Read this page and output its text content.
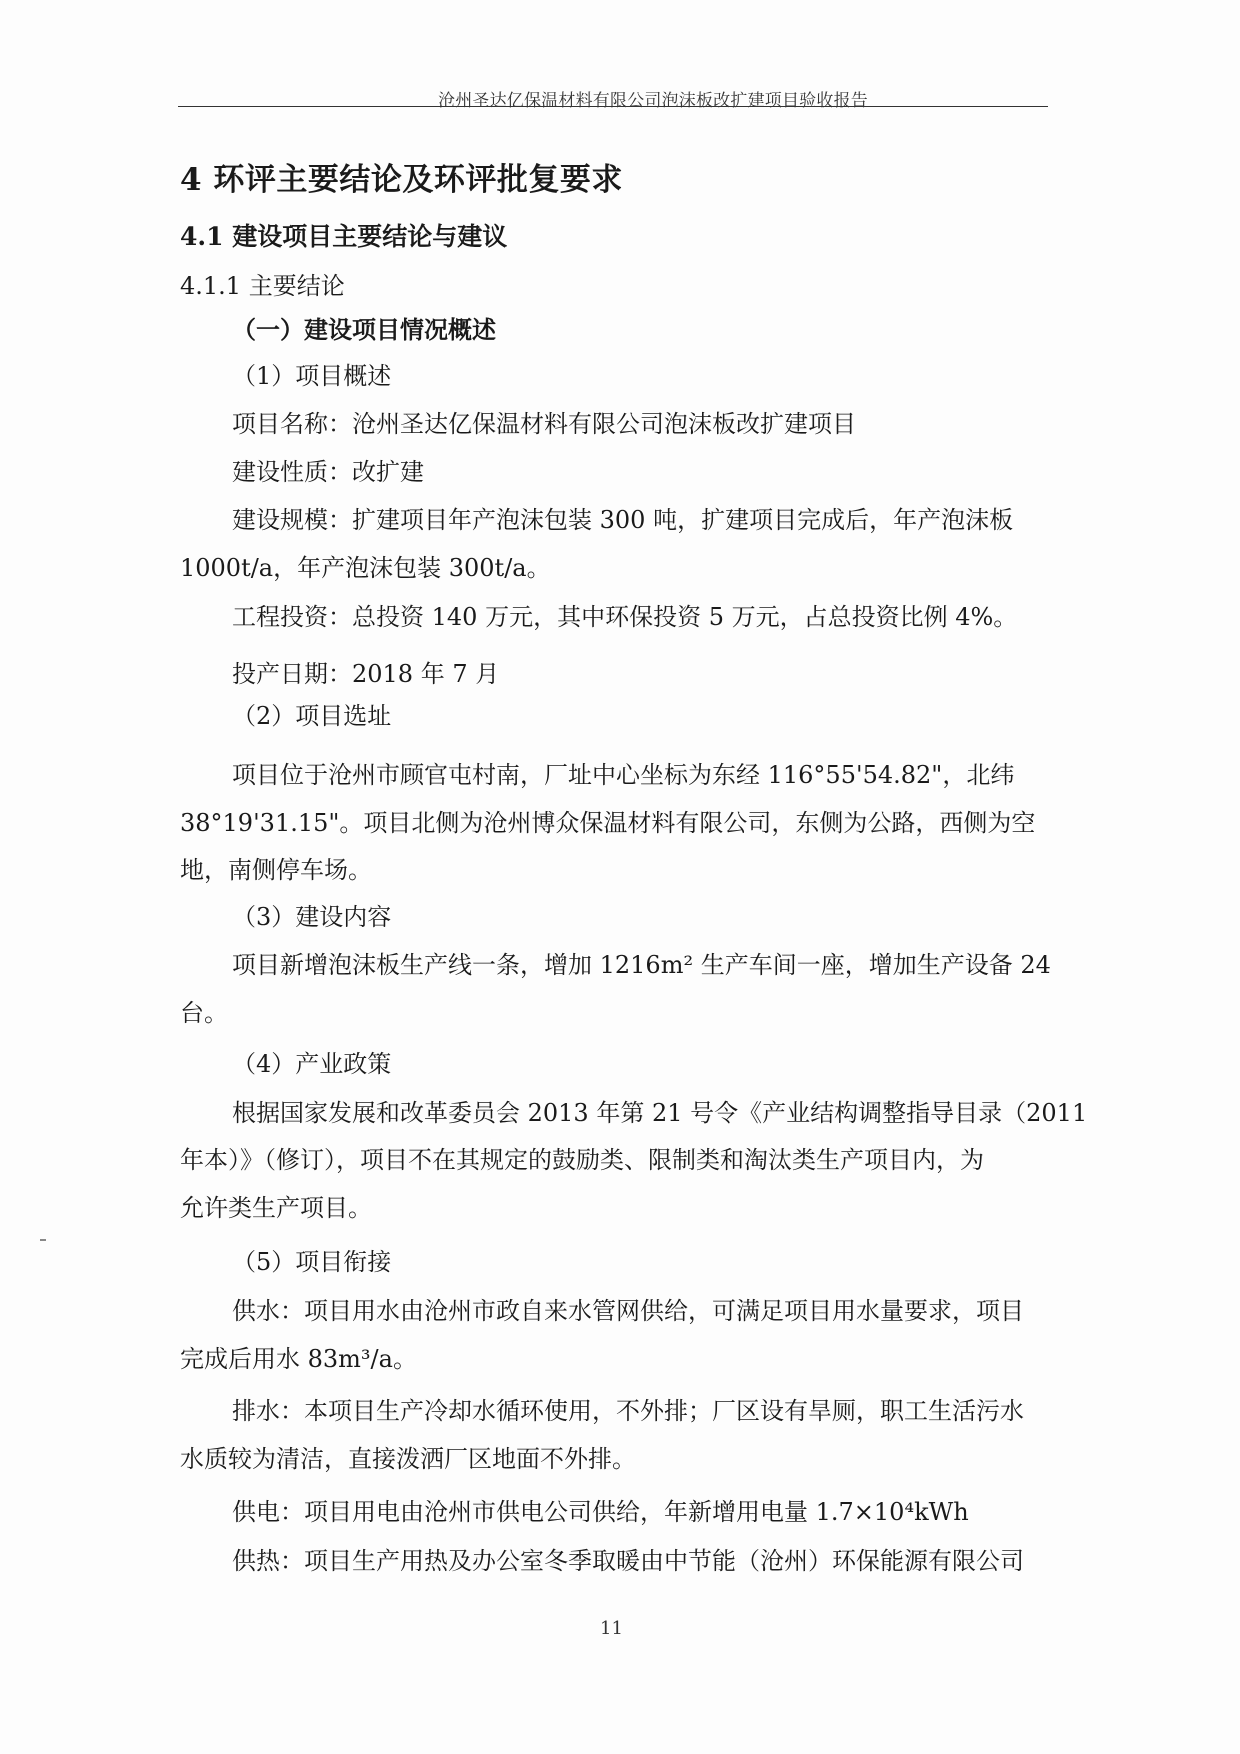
沧州圣达亿保温材料有限公司泡沫板改扩建项目验收报告
4 环评主要结论及环评批复要求
4.1 建设项目主要结论与建议
4.1.1 主要结论
（一）建设项目情况概述
（1）项目概述
项目名称：沧州圣达亿保温材料有限公司泡沫板改扩建项目
建设性质：改扩建
建设规模：扩建项目年产泡沫包装 300 吨，扩建项目完成后，年产泡沫板
1000t/a，年产泡沫包装 300t/a。
工程投资：总投资 140 万元，其中环保投资 5 万元，占总投资比例 4%。
投产日期：2018 年 7 月
（2）项目选址
项目位于沧州市顾官屯村南，厂址中心坐标为东经 116°55'54.82"，北纬
38°19'31.15"。项目北侧为沧州博众保温材料有限公司，东侧为公路，西侧为空
地，南侧停车场。
（3）建设内容
项目新增泡沫板生产线一条，增加 1216m² 生产车间一座，增加生产设备 24
台。
（4）产业政策
根据国家发展和改革委员会 2013 年第 21 号令《产业结构调整指导目录（2011
年本）》（修订），项目不在其规定的鼓励类、限制类和淘汰类生产项目内，为
允许类生产项目。
（5）项目衔接
供水：项目用水由沧州市政自来水管网供给，可满足项目用水量要求，项目
完成后用水 83m³/a。
排水：本项目生产冷却水循环使用，不外排；厂区设有旱厕，职工生活污水
水质较为清洁，直接泼洒厂区地面不外排。
供电：项目用电由沧州市供电公司供给，年新增用电量 1.7×10⁴kWh
供热：项目生产用热及办公室冬季取暖由中节能（沧州）环保能源有限公司
11
